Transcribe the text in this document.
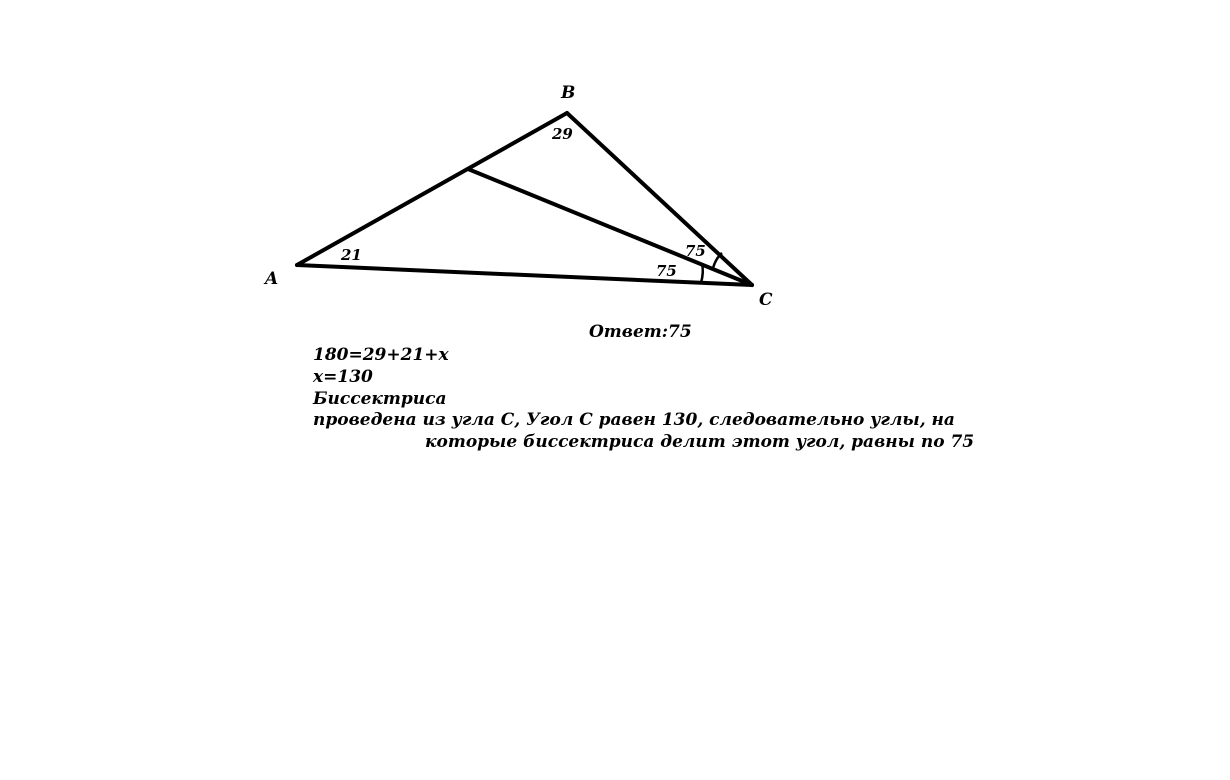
B
A
C
29
21	75
75
Ответ:75
180=29+21+x
x=130
Биссектриса
проведена из угла С, Угол С равен 130, следовательно углы, на
которые биссектриса делит этот угол, равны по 75
